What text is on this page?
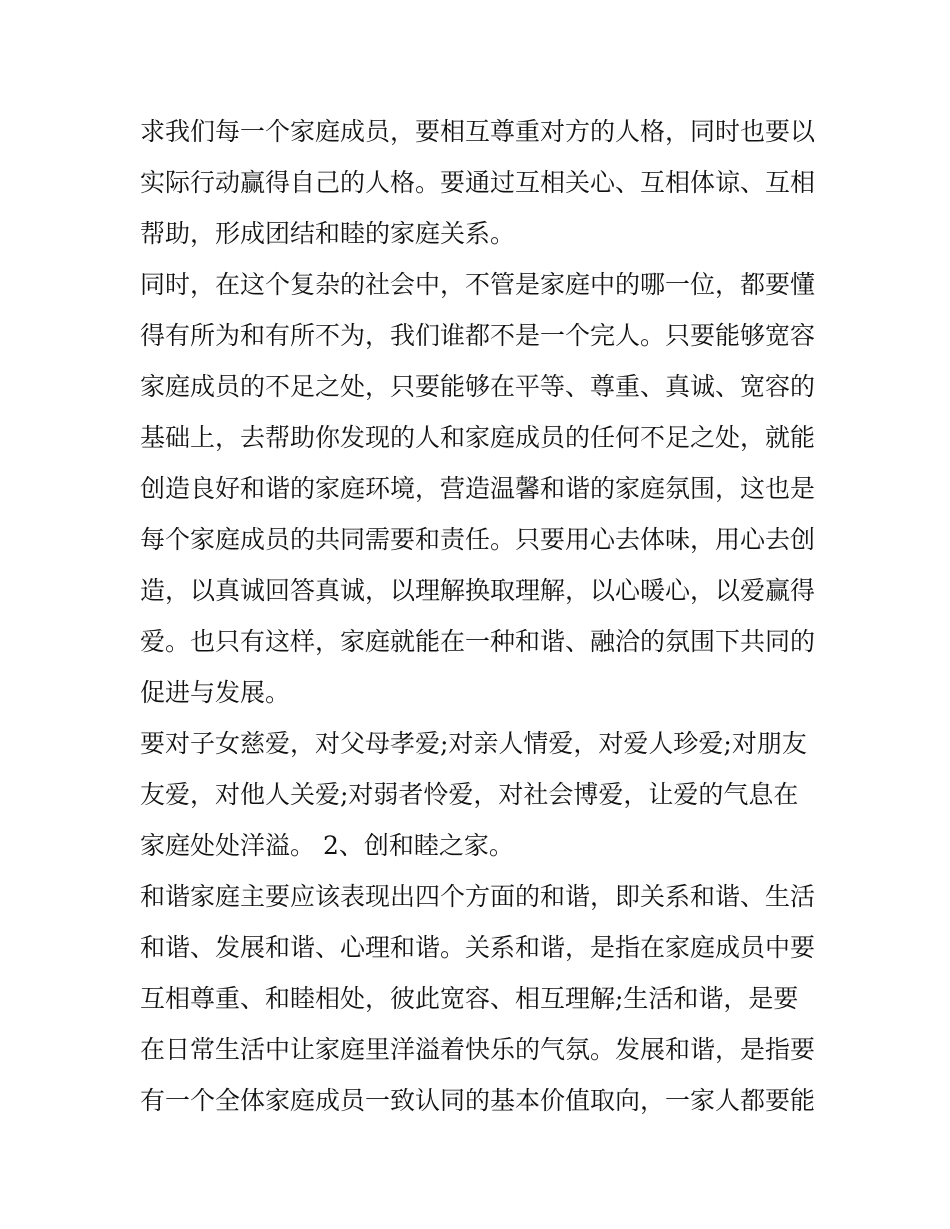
求我们每一个家庭成员，要相互尊重对方的人格，同时也要以
实际行动赢得自己的人格。要通过互相关心、互相体谅、互相
帮助，形成团结和睦的家庭关系。
同时，在这个复杂的社会中，不管是家庭中的哪一位，都要懂
得有所为和有所不为，我们谁都不是一个完人。只要能够宽容
家庭成员的不足之处，只要能够在平等、尊重、真诚、宽容的
基础上，去帮助你发现的人和家庭成员的任何不足之处，就能
创造良好和谐的家庭环境，营造温馨和谐的家庭氛围，这也是
每个家庭成员的共同需要和责任。只要用心去体味，用心去创
造，以真诚回答真诚，以理解换取理解，以心暖心，以爱赢得
爱。也只有这样，家庭就能在一种和谐、融洽的氛围下共同的
促进与发展。
要对子女慈爱，对父母孝爱;对亲人情爱，对爱人珍爱;对朋友
友爱，对他人关爱;对弱者怜爱，对社会博爱，让爱的气息在
家庭处处洋溢。 2、创和睦之家。
和谐家庭主要应该表现出四个方面的和谐，即关系和谐、生活
和谐、发展和谐、心理和谐。关系和谐，是指在家庭成员中要
互相尊重、和睦相处，彼此宽容、相互理解;生活和谐，是要
在日常生活中让家庭里洋溢着快乐的气氛。发展和谐，是指要
有一个全体家庭成员一致认同的基本价值取向，一家人都要能
